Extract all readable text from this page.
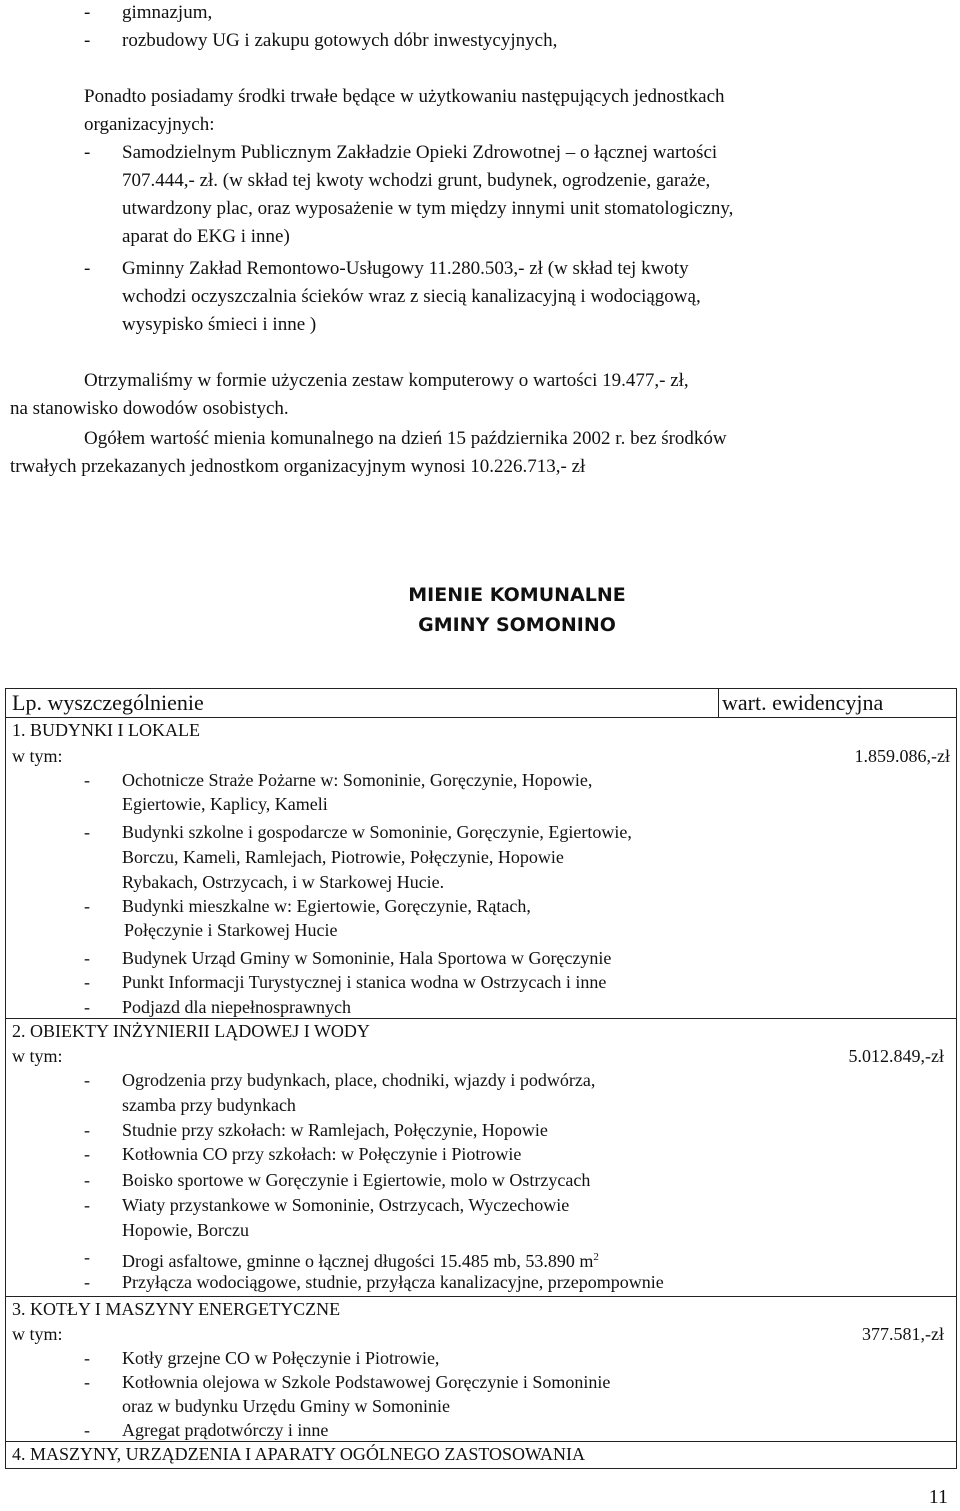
- gimnazjum,
- rozbudowy UG i zakupu gotowych dóbr inwestycyjnych,
Ponadto posiadamy środki trwałe będące w użytkowaniu następujących jednostkach
organizacyjnych:
- Samodzielnym Publicznym Zakładzie Opieki Zdrowotnej – o łącznej wartości
707.444,- zł. (w skład tej kwoty wchodzi grunt, budynek, ogrodzenie, garaże,
utwardzony plac, oraz wyposażenie w tym między innymi unit stomatologiczny,
aparat do EKG i inne)
- Gminny Zakład Remontowo-Usługowy 11.280.503,- zł (w skład tej kwoty
wchodzi oczyszczalnia ścieków wraz z siecią kanalizacyjną i wodociągową,
wysypisko śmieci i inne )
Otrzymaliśmy w formie użyczenia zestaw komputerowy o wartości 19.477,- zł,
na stanowisko dowodów osobistych.
Ogółem wartość mienia komunalnego na dzień 15 października 2002 r. bez środków
trwałych przekazanych jednostkom organizacyjnym wynosi 10.226.713,- zł
MIENIE KOMUNALNE
GMINY SOMONINO
Lp. wyszczególnienie	wart. ewidencyjna
1. BUDYNKI I LOKALE
w tym:	1.859.086,-zł
- Ochotnicze Straże Pożarne w: Somoninie, Goręczynie, Hopowie,
Egiertowie, Kaplicy, Kameli
- Budynki szkolne i gospodarcze w Somoninie, Goręczynie, Egiertowie,
Borczu, Kameli, Ramlejach, Piotrowie, Połęczynie, Hopowie
Rybakach, Ostrzycach, i w Starkowej Hucie.
- Budynki mieszkalne w: Egiertowie, Goręczynie, Rątach,
Połęczynie i Starkowej Hucie
- Budynek Urząd Gminy w Somoninie, Hala Sportowa w Goręczynie
- Punkt Informacji Turystycznej i stanica wodna w Ostrzycach i inne
- Podjazd dla niepełnosprawnych
2. OBIEKTY INŻYNIERII LĄDOWEJ I WODY
w tym:	5.012.849,-zł
- Ogrodzenia przy budynkach, place, chodniki, wjazdy i podwórza,
szamba przy budynkach
- Studnie przy szkołach: w Ramlejach, Połęczynie, Hopowie
- Kotłownia CO przy szkołach: w Połęczynie i Piotrowie
- Boisko sportowe w Goręczynie i Egiertowie, molo w Ostrzycach
- Wiaty przystankowe w Somoninie, Ostrzycach, Wyczechowie
Hopowie, Borczu
- Drogi asfaltowe, gminne o łącznej długości 15.485 mb, 53.890 $m^2$
- Przyłącza wodociągowe, studnie, przyłącza kanalizacyjne, przepompownie
3. KOTŁY I MASZYNY ENERGETYCZNE
w tym:	377.581,-zł
- Kotły grzejne CO w Połęczynie i Piotrowie,
- Kotłownia olejowa w Szkole Podstawowej Goręczynie i Somoninie
oraz w budynku Urzędu Gminy w Somoninie
- Agregat prądotwórczy i inne
4. MASZYNY, URZĄDZENIA I APARATY OGÓLNEGO ZASTOSOWANIA
11
